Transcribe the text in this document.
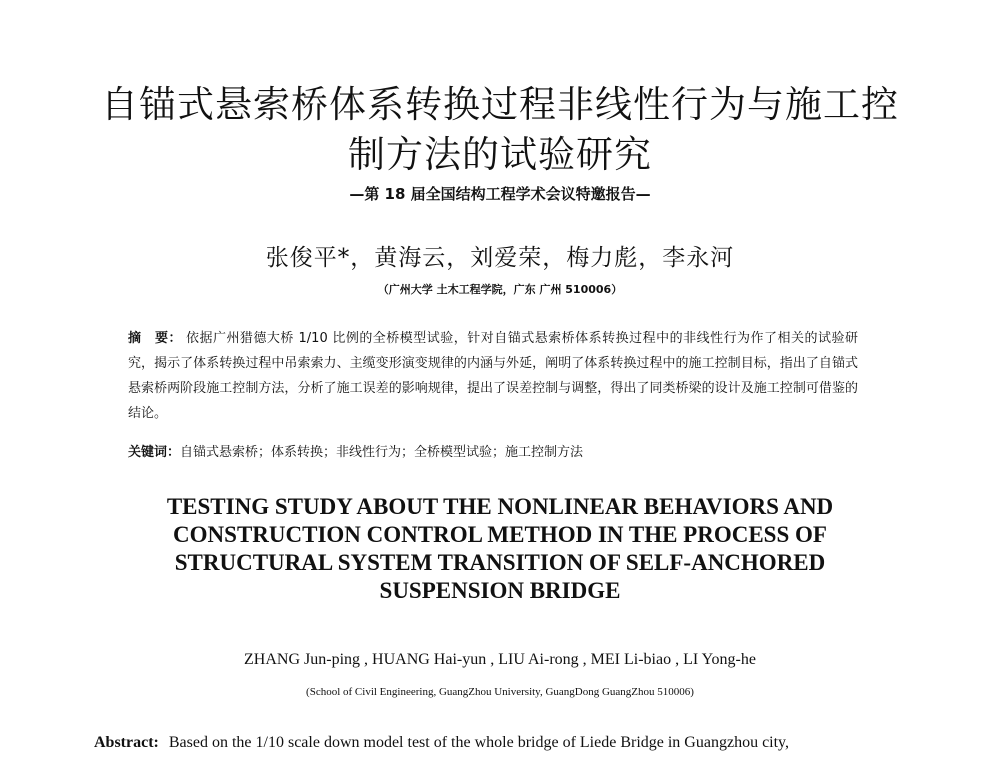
自锚式悬索桥体系转换过程非线性行为与施工控
制方法的试验研究
—第 18 届全国结构工程学术会议特邀报告—
张俊平*，黄海云，刘爱荣，梅力彪，李永河
（广州大学 土木工程学院，广东 广州 510006）
摘　要： 依据广州猎德大桥 1/10 比例的全桥模型试验，针对自锚式悬索桥体系转换过程中的非线性行为作了相关的试验研究，揭示了体系转换过程中吊索索力、主缆变形演变规律的内涵与外延，阐明了体系转换过程中的施工控制目标，指出了自锚式悬索桥两阶段施工控制方法，分析了施工误差的影响规律，提出了误差控制与调整，得出了同类桥梁的设计及施工控制可借鉴的结论。
关键词：自锚式悬索桥；体系转换；非线性行为；全桥模型试验；施工控制方法
TESTING STUDY ABOUT THE NONLINEAR BEHAVIORS AND
CONSTRUCTION CONTROL METHOD IN THE PROCESS OF
STRUCTURAL SYSTEM TRANSITION OF SELF-ANCHORED
SUSPENSION BRIDGE
ZHANG Jun-ping , HUANG Hai-yun , LIU Ai-rong , MEI Li-biao , LI Yong-he
(School of Civil Engineering, GuangZhou University, GuangDong GuangZhou 510006)
Abstract: Based on the 1/10 scale down model test of the whole bridge of Liede Bridge in Guangzhou city,
